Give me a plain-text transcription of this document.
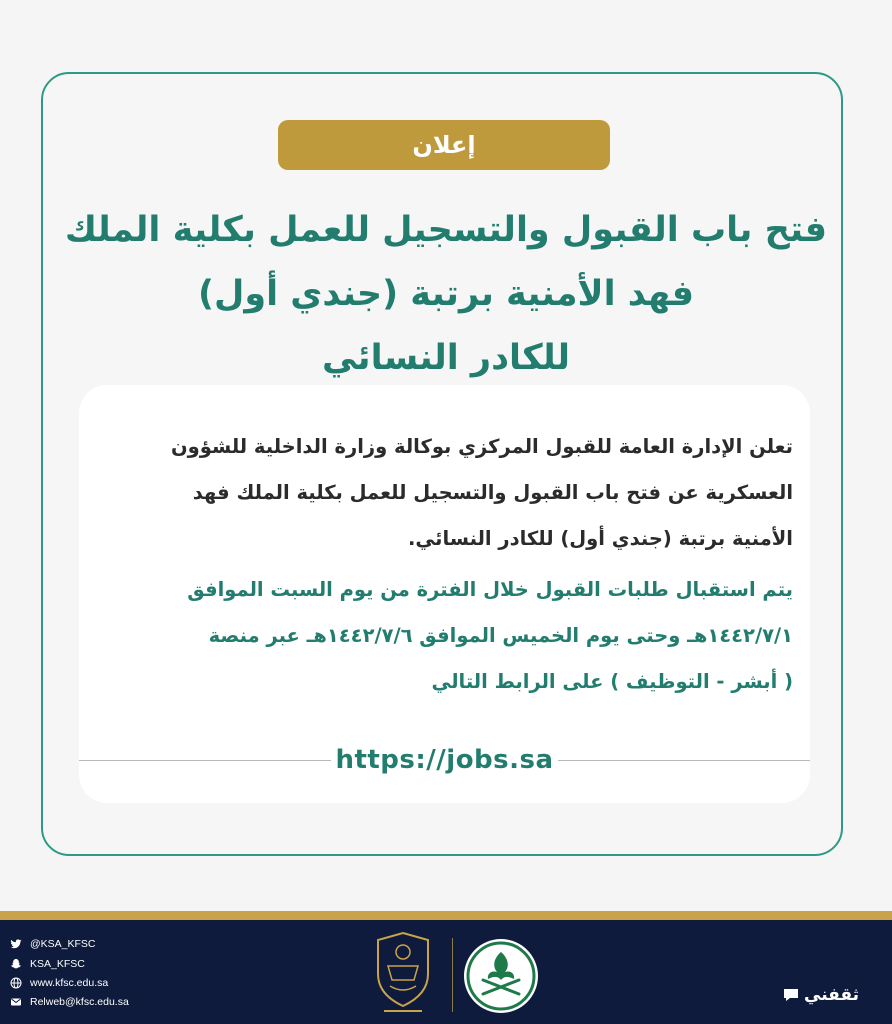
إعلان
فتح باب القبول والتسجيل للعمل بكلية الملك
فهد الأمنية برتبة (جندي أول)
للكادر النسائي
تعلن الإدارة العامة للقبول المركزي بوكالة وزارة الداخلية للشؤون
العسكرية عن فتح باب القبول والتسجيل للعمل بكلية الملك فهد
الأمنية برتبة (جندي أول) للكادر النسائي.
يتم استقبال طلبات القبول خلال الفترة من يوم السبت الموافق
١٤٤٢/٧/١هـ وحتى يوم الخميس الموافق ١٤٤٢/٧/٦هـ عبر منصة
( أبشر - التوظيف ) على الرابط التالي
https://jobs.sa
@KSA_KFSC
KSA_KFSC
www.kfsc.edu.sa
Relweb@kfsc.edu.sa	ثقفني
